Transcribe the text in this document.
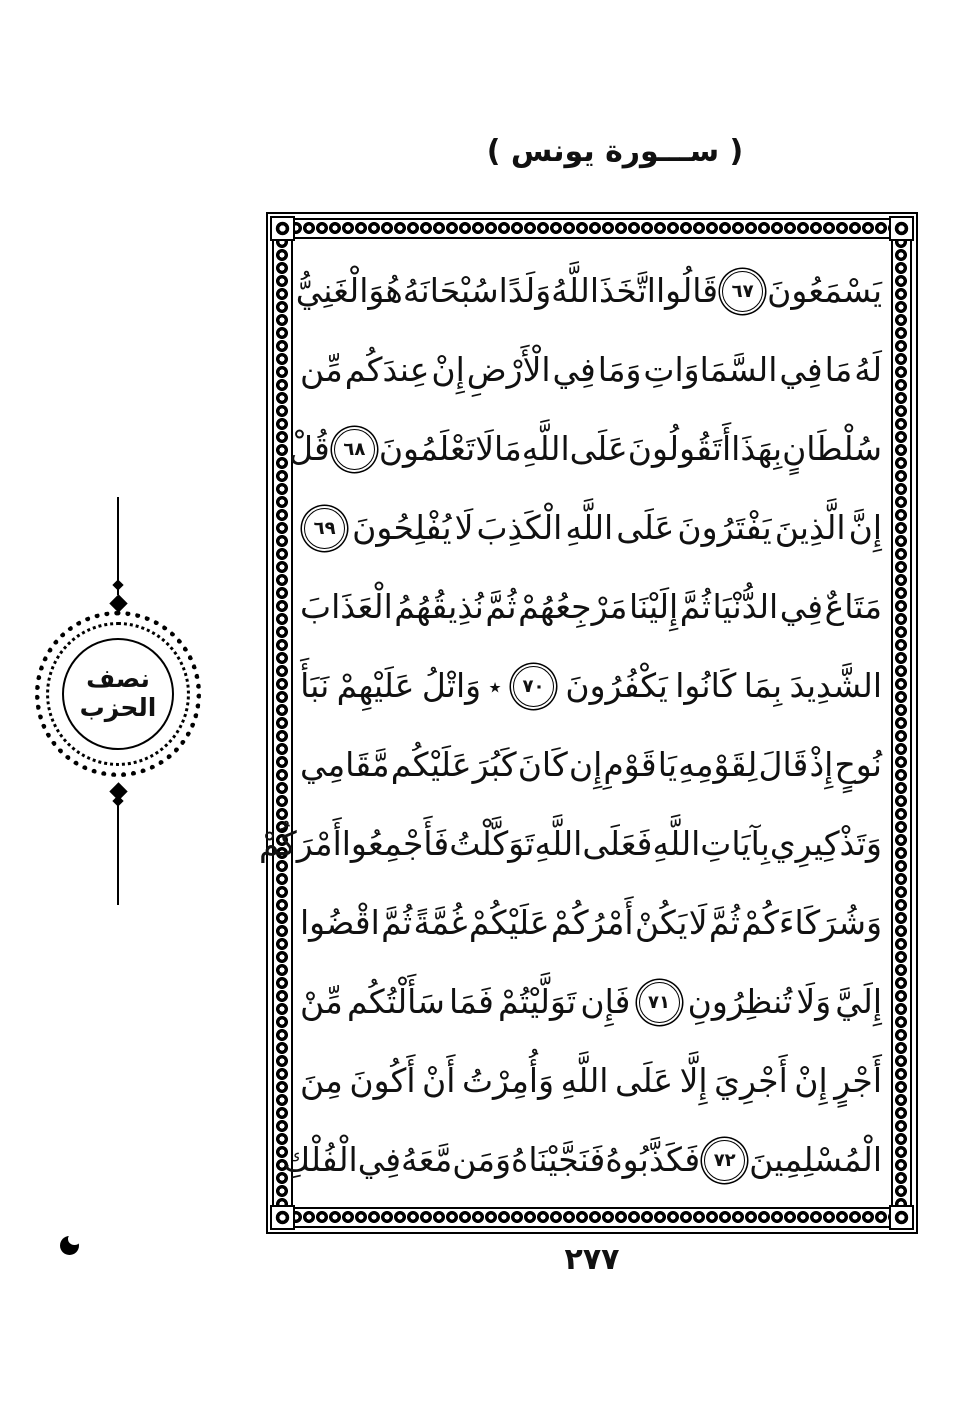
( ســـورة يونس )
يَسْمَعُونَ
٦٧
قَالُوا
اتَّخَذَ
اللَّهُ
وَلَدًا
سُبْحَانَهُ
هُوَ
الْغَنِيُّ
لَهُ
مَا
فِي
السَّمَاوَاتِ
وَمَا
فِي
الْأَرْضِ
إِنْ
عِندَكُم
مِّن
سُلْطَانٍ
بِهَذَا
أَتَقُولُونَ
عَلَى
اللَّهِ
مَا
لَا
تَعْلَمُونَ
٦٨
قُلْ
إِنَّ
الَّذِينَ
يَفْتَرُونَ
عَلَى
اللَّهِ
الْكَذِبَ
لَا
يُفْلِحُونَ
٦٩
مَتَاعٌ
فِي
الدُّنْيَا
ثُمَّ
إِلَيْنَا
مَرْجِعُهُمْ
ثُمَّ
نُذِيقُهُمُ
الْعَذَابَ
الشَّدِيدَ
بِمَا
كَانُوا
يَكْفُرُونَ
٧٠
٭
وَاتْلُ
عَلَيْهِمْ
نَبَأَ
نُوحٍ
إِذْ
قَالَ
لِقَوْمِهِ
يَا
قَوْمِ
إِن
كَانَ
كَبُرَ
عَلَيْكُم
مَّقَامِي
وَتَذْكِيرِي
بِآيَاتِ
اللَّهِ
فَعَلَى
اللَّهِ
تَوَكَّلْتُ
فَأَجْمِعُوا
أَمْرَكُمْ
وَشُرَكَاءَكُمْ
ثُمَّ
لَا
يَكُنْ
أَمْرُكُمْ
عَلَيْكُمْ
غُمَّةً
ثُمَّ
اقْضُوا
إِلَيَّ
وَلَا
تُنظِرُونِ
٧١
فَإِن
تَوَلَّيْتُمْ
فَمَا
سَأَلْتُكُم
مِّنْ
أَجْرٍ
إِنْ
أَجْرِيَ
إِلَّا
عَلَى
اللَّهِ
وَأُمِرْتُ
أَنْ
أَكُونَ
مِنَ
الْمُسْلِمِينَ
٧٢
فَكَذَّبُوهُ
فَنَجَّيْنَاهُ
وَمَن
مَّعَهُ
فِي
الْفُلْكِ
نصف
الحزب
٢٧٧
